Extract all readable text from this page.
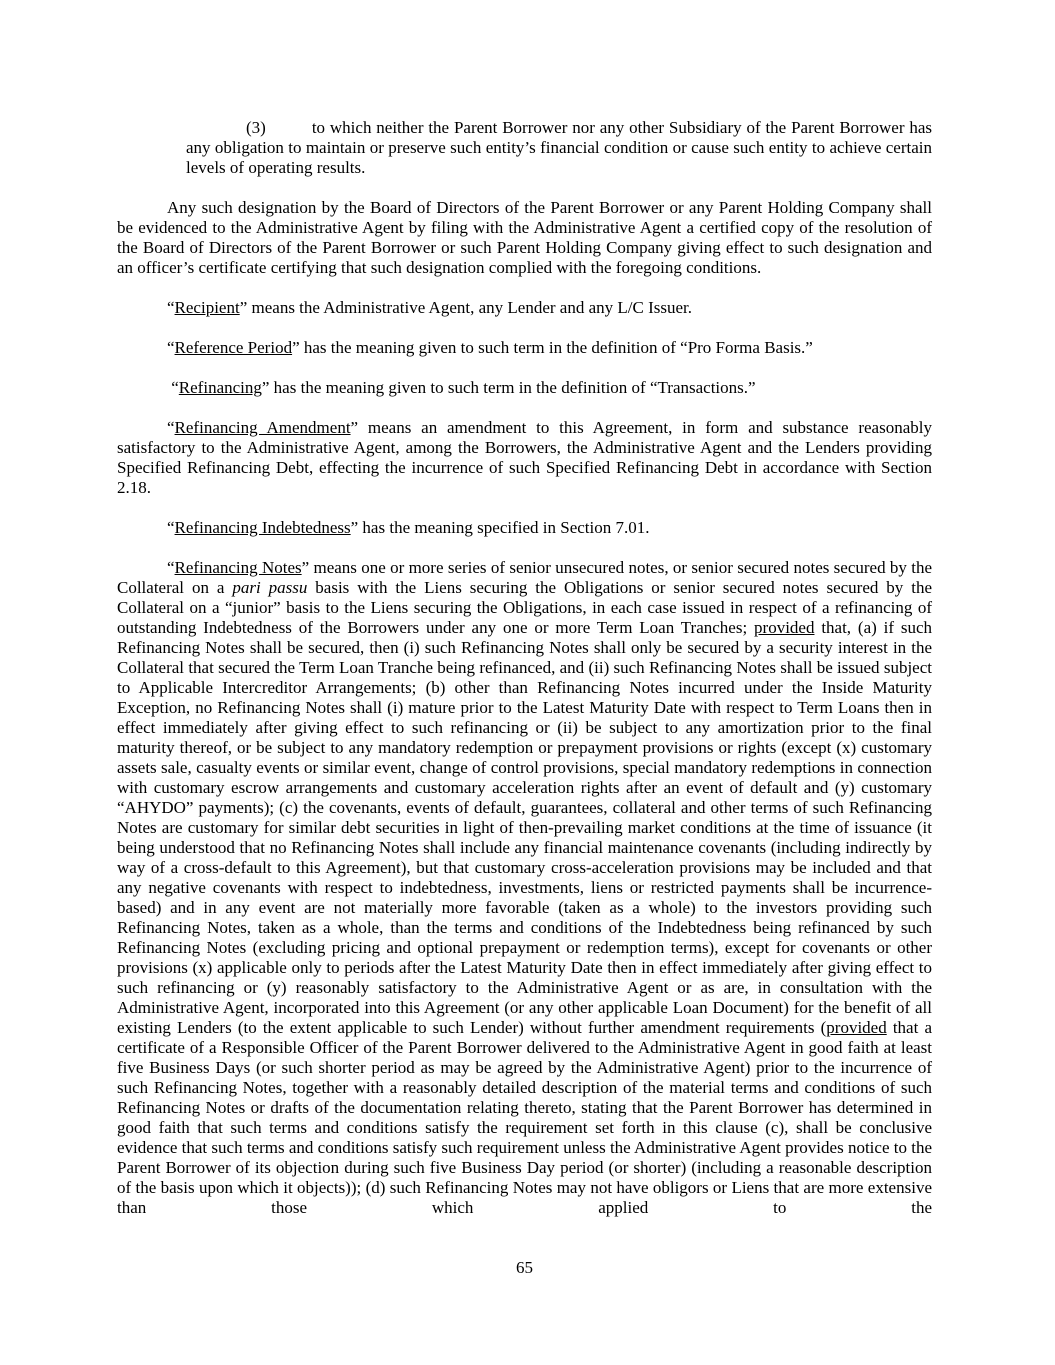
(3)	to which neither the Parent Borrower nor any other Subsidiary of the Parent Borrower has any obligation to maintain or preserve such entity’s financial condition or cause such entity to achieve certain levels of operating results.

Any such designation by the Board of Directors of the Parent Borrower or any Parent Holding Company shall be evidenced to the Administrative Agent by filing with the Administrative Agent a certified copy of the resolution of the Board of Directors of the Parent Borrower or such Parent Holding Company giving effect to such designation and an officer’s certificate certifying that such designation complied with the foregoing conditions.

“Recipient” means the Administrative Agent, any Lender and any L/C Issuer.

“Reference Period” has the meaning given to such term in the definition of “Pro Forma Basis.”

“Refinancing” has the meaning given to such term in the definition of “Transactions.”

“Refinancing Amendment” means an amendment to this Agreement, in form and substance reasonably satisfactory to the Administrative Agent, among the Borrowers, the Administrative Agent and the Lenders providing Specified Refinancing Debt, effecting the incurrence of such Specified Refinancing Debt in accordance with Section 2.18.

“Refinancing Indebtedness” has the meaning specified in Section 7.01.

“Refinancing Notes” means one or more series of senior unsecured notes, or senior secured notes secured by the Collateral on a pari passu basis with the Liens securing the Obligations or senior secured notes secured by the Collateral on a “junior” basis to the Liens securing the Obligations, in each case issued in respect of a refinancing of outstanding Indebtedness of the Borrowers under any one or more Term Loan Tranches; provided that, (a) if such Refinancing Notes shall be secured, then (i) such Refinancing Notes shall only be secured by a security interest in the Collateral that secured the Term Loan Tranche being refinanced, and (ii) such Refinancing Notes shall be issued subject to Applicable Intercreditor Arrangements; (b) other than Refinancing Notes incurred under the Inside Maturity Exception, no Refinancing Notes shall (i) mature prior to the Latest Maturity Date with respect to Term Loans then in effect immediately after giving effect to such refinancing or (ii) be subject to any amortization prior to the final maturity thereof, or be subject to any mandatory redemption or prepayment provisions or rights (except (x) customary assets sale, casualty events or similar event, change of control provisions, special mandatory redemptions in connection with customary escrow arrangements and customary acceleration rights after an event of default and (y) customary “AHYDO” payments); (c) the covenants, events of default, guarantees, collateral and other terms of such Refinancing Notes are customary for similar debt securities in light of then-prevailing market conditions at the time of issuance (it being understood that no Refinancing Notes shall include any financial maintenance covenants (including indirectly by way of a cross-default to this Agreement), but that customary cross-acceleration provisions may be included and that any negative covenants with respect to indebtedness, investments, liens or restricted payments shall be incurrence-based) and in any event are not materially more favorable (taken as a whole) to the investors providing such Refinancing Notes, taken as a whole, than the terms and conditions of the Indebtedness being refinanced by such Refinancing Notes (excluding pricing and optional prepayment or redemption terms), except for covenants or other provisions (x) applicable only to periods after the Latest Maturity Date then in effect immediately after giving effect to such refinancing or (y) reasonably satisfactory to the Administrative Agent or as are, in consultation with the Administrative Agent, incorporated into this Agreement (or any other applicable Loan Document) for the benefit of all existing Lenders (to the extent applicable to such Lender) without further amendment requirements (provided that a certificate of a Responsible Officer of the Parent Borrower delivered to the Administrative Agent in good faith at least five Business Days (or such shorter period as may be agreed by the Administrative Agent) prior to the incurrence of such Refinancing Notes, together with a reasonably detailed description of the material terms and conditions of such Refinancing Notes or drafts of the documentation relating thereto, stating that the Parent Borrower has determined in good faith that such terms and conditions satisfy the requirement set forth in this clause (c), shall be conclusive evidence that such terms and conditions satisfy such requirement unless the Administrative Agent provides notice to the Parent Borrower of its objection during such five Business Day period (or shorter) (including a reasonable description of the basis upon which it objects)); (d) such Refinancing Notes may not have obligors or Liens that are more extensive than those which applied to the

65
